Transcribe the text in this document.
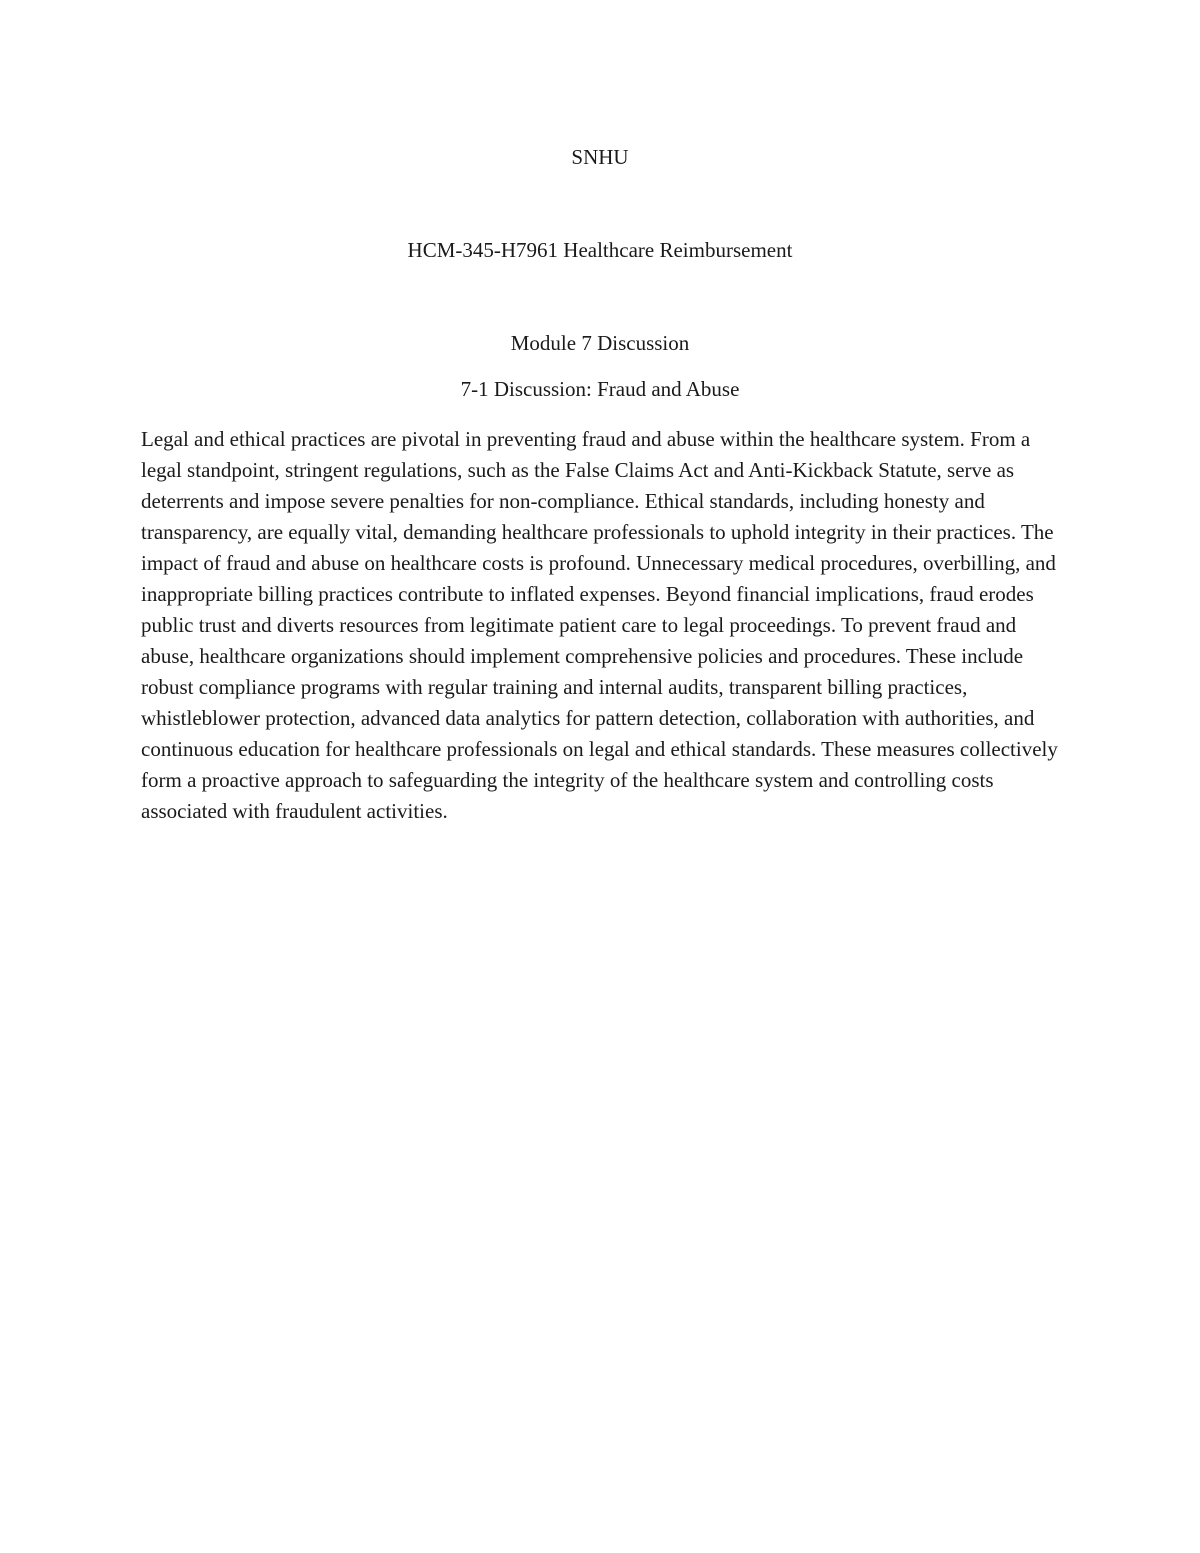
SNHU

HCM-345-H7961 Healthcare Reimbursement

Module 7 Discussion

7-1 Discussion: Fraud and Abuse

Legal and ethical practices are pivotal in preventing fraud and abuse within the healthcare system. From a legal standpoint, stringent regulations, such as the False Claims Act and Anti-Kickback Statute, serve as deterrents and impose severe penalties for non-compliance. Ethical standards, including honesty and transparency, are equally vital, demanding healthcare professionals to uphold integrity in their practices. The impact of fraud and abuse on healthcare costs is profound. Unnecessary medical procedures, overbilling, and inappropriate billing practices contribute to inflated expenses. Beyond financial implications, fraud erodes public trust and diverts resources from legitimate patient care to legal proceedings. To prevent fraud and abuse, healthcare organizations should implement comprehensive policies and procedures. These include robust compliance programs with regular training and internal audits, transparent billing practices, whistleblower protection, advanced data analytics for pattern detection, collaboration with authorities, and continuous education for healthcare professionals on legal and ethical standards. These measures collectively form a proactive approach to safeguarding the integrity of the healthcare system and controlling costs associated with fraudulent activities.
